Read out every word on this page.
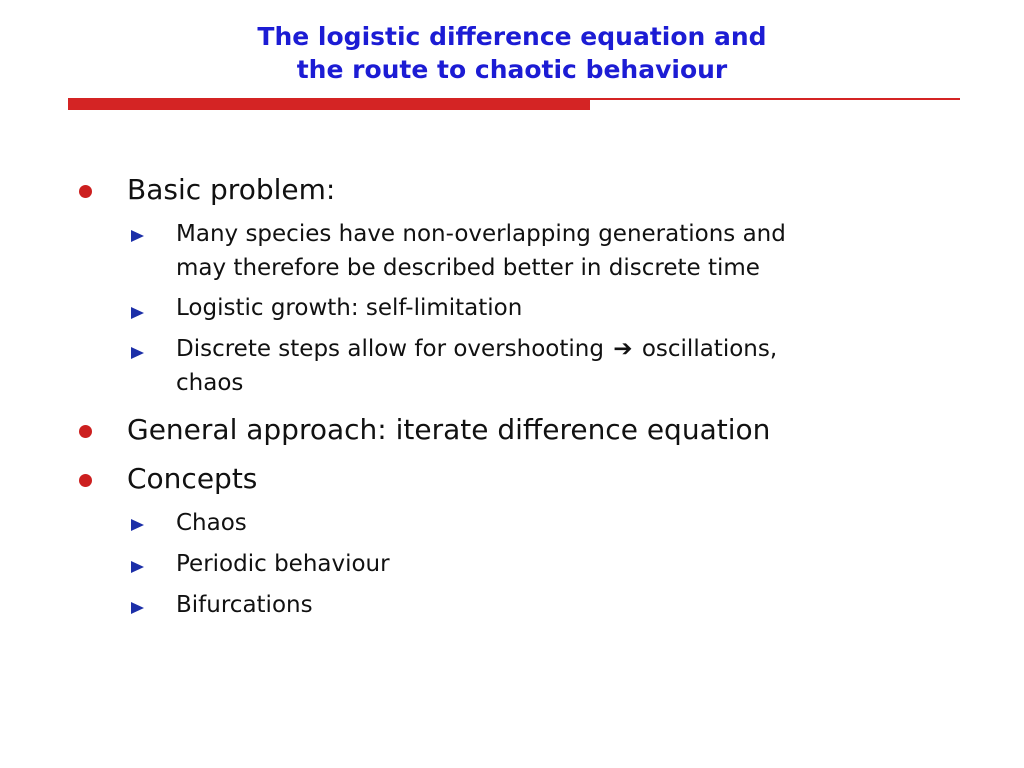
The logistic difference equation and
the route to chaotic behaviour
Basic problem:
Many species have non-overlapping generations and
may therefore be described better in discrete time
Logistic growth: self-limitation
Discrete steps allow for overshooting ➔ oscillations,
chaos
General approach: iterate difference equation
Concepts
Chaos
Periodic behaviour
Bifurcations
